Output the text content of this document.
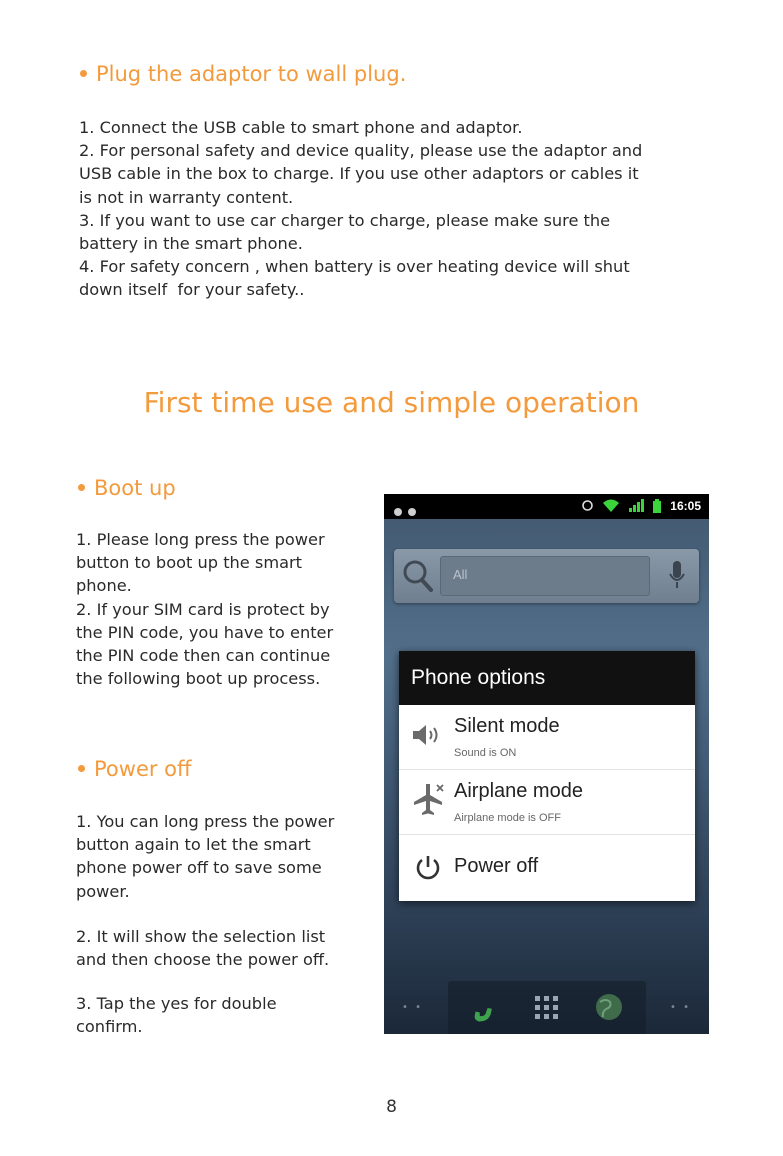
Plug the adaptor to wall plug.

1. Connect the USB cable to smart phone and adaptor.

2. For personal safety and device quality, please use the adaptor and

USB cable in the box to charge. If you use other adaptors or cables it

is not in warranty content.

3. If you want to use car charger to charge, please make sure the

battery in the smart phone.

4. For safety concern , when battery is over heating device will shut

down itself  for your safety..

First time use and simple operation
Boot up

1. Please long press the power

button to boot up the smart

phone.

2. If your SIM card is protect by

the PIN code, you have to enter

the PIN code then can continue

the following boot up process.

Power off

1. You can long press the power

button again to let the smart

phone power off to save some

power.

2. It will show the selection list

and then choose the power off.

3. Tap the yes for double

confirm.

16:05
All
Phone options
Silent mode
Sound is ON
Airplane mode
Airplane mode is OFF
Power off
• •	• •
8
